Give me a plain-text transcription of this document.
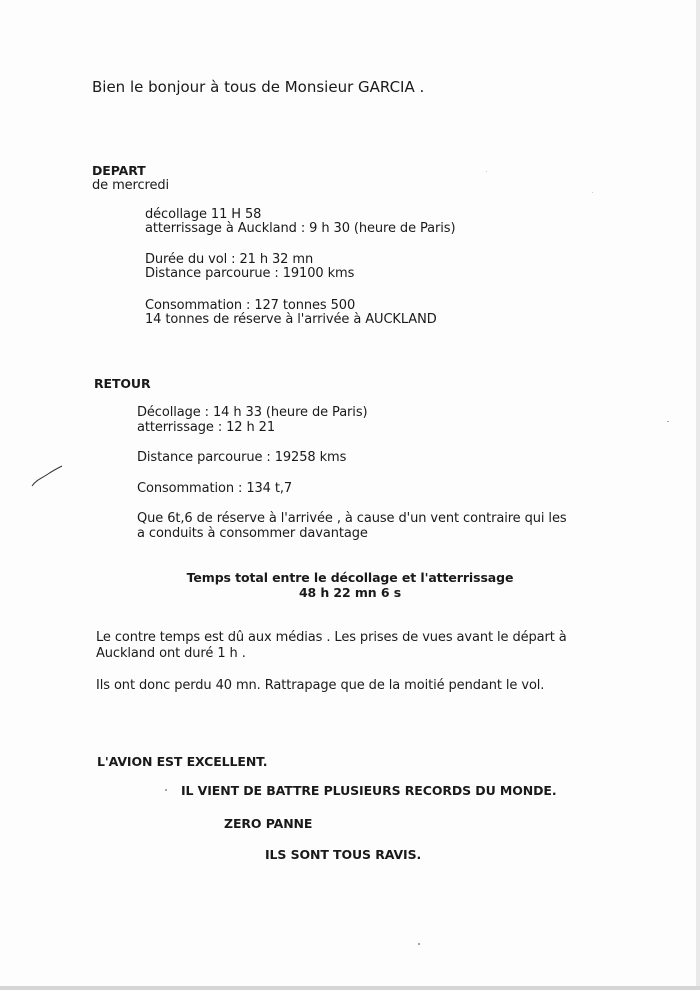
Bien le bonjour à tous de Monsieur GARCIA .
DEPART
de mercredi
décollage 11 H 58
atterrissage à Auckland : 9 h 30 (heure de Paris)
Durée du vol : 21 h 32 mn
Distance parcourue : 19100 kms
Consommation : 127 tonnes 500
14 tonnes de réserve à l'arrivée à AUCKLAND
RETOUR
Décollage : 14 h 33 (heure de Paris)
atterrissage : 12 h 21
Distance parcourue : 19258 kms
Consommation : 134 t,7
Que 6t,6 de réserve à l'arrivée , à cause d'un vent contraire qui les
a conduits à consommer davantage
Temps total entre le décollage et l'atterrissage
48 h 22 mn 6 s
Le contre temps est dû aux médias . Les prises de vues avant le départ à
Auckland ont duré 1 h .
Ils ont donc perdu 40 mn. Rattrapage que de la moitié pendant le vol.
L'AVION EST EXCELLENT.
IL VIENT DE BATTRE PLUSIEURS RECORDS DU MONDE.
ZERO PANNE
ILS SONT TOUS RAVIS.
